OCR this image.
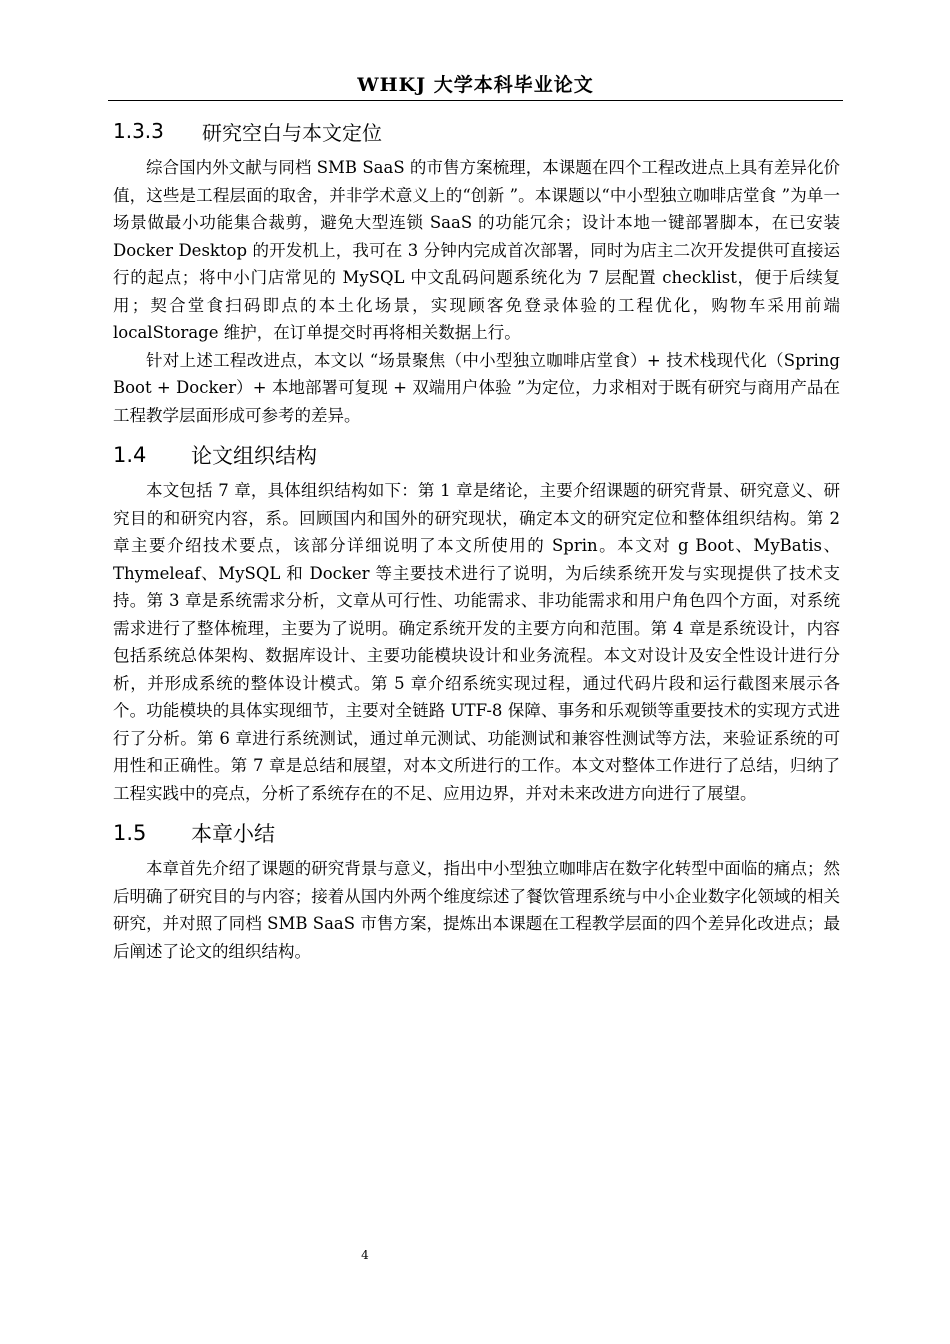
WHKJ 大学本科毕业论文
1.3.3	研究空白与本文定位

综合国内外文献与同档 SMB SaaS 的市售方案梳理，本课题在四个工程改进点上具有差异化价值，这些是工程层面的取舍，并非学术意义上的“创新 ”。本课题以“中小型独立咖啡店堂食 ”为单一场景做最小功能集合裁剪，避免大型连锁 SaaS 的功能冗余；设计本地一键部署脚本，在已安装 Docker Desktop 的开发机上，我可在 3 分钟内完成首次部署，同时为店主二次开发提供可直接运行的起点；将中小门店常见的 MySQL 中文乱码问题系统化为 7 层配置 checklist，便于后续复用；契合堂食扫码即点的本土化场景，实现顾客免登录体验的工程优化，购物车采用前端 localStorage 维护，在订单提交时再将相关数据上行。

针对上述工程改进点，本文以 “场景聚焦（中小型独立咖啡店堂食）+ 技术栈现代化（Spring Boot + Docker）+ 本地部署可复现 + 双端用户体验 ”为定位，力求相对于既有研究与商用产品在工程教学层面形成可参考的差异。

1.4	论文组织结构

本文包括 7 章，具体组织结构如下：第 1 章是绪论，主要介绍课题的研究背景、研究意义、研究目的和研究内容，系。回顾国内和国外的研究现状，确定本文的研究定位和整体组织结构。第 2 章主要介绍技术要点，该部分详细说明了本文所使用的 Sprin。本文对 g Boot、MyBatis、Thymeleaf、MySQL 和 Docker 等主要技术进行了说明，为后续系统开发与实现提供了技术支持。第 3 章是系统需求分析，文章从可行性、功能需求、非功能需求和用户角色四个方面，对系统需求进行了整体梳理，主要为了说明。确定系统开发的主要方向和范围。第 4 章是系统设计，内容包括系统总体架构、数据库设计、主要功能模块设计和业务流程。本文对设计及安全性设计进行分析，并形成系统的整体设计模式。第 5 章介绍系统实现过程，通过代码片段和运行截图来展示各个。功能模块的具体实现细节，主要对全链路 UTF-8 保障、事务和乐观锁等重要技术的实现方式进行了分析。第 6 章进行系统测试，通过单元测试、功能测试和兼容性测试等方法，来验证系统的可用性和正确性。第 7 章是总结和展望，对本文所进行的工作。本文对整体工作进行了总结，归纳了工程实践中的亮点，分析了系统存在的不足、应用边界，并对未来改进方向进行了展望。

1.5	本章小结

本章首先介绍了课题的研究背景与意义，指出中小型独立咖啡店在数字化转型中面临的痛点；然后明确了研究目的与内容；接着从国内外两个维度综述了餐饮管理系统与中小企业数字化领域的相关研究，并对照了同档 SMB SaaS 市售方案，提炼出本课题在工程教学层面的四个差异化改进点；最后阐述了论文的组织结构。

4
